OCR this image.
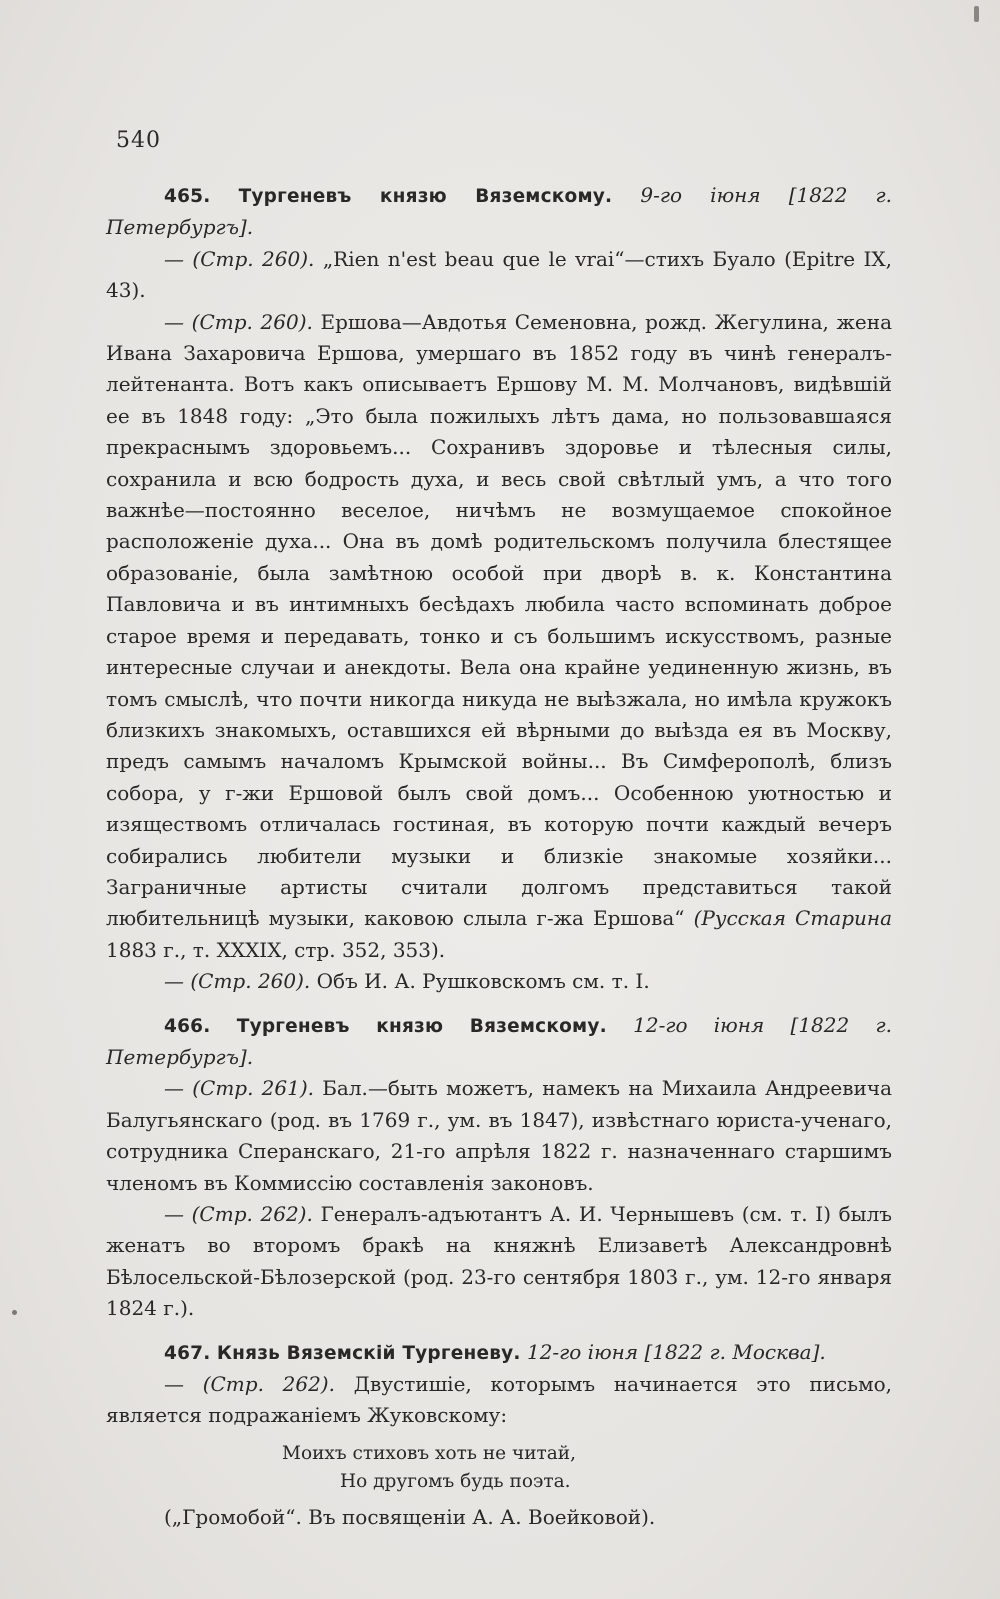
540

465. Тургеневъ князю Вяземскому. 9-го іюня [1822 г. Петербургъ].

— (Стр. 260). „Rien n'est beau que le vrai“—стихъ Буало (Epitre IX, 43).

— (Стр. 260). Ершова—Авдотья Семеновна, рожд. Жегулина, жена Ивана Захаровича Ершова, умершаго въ 1852 году въ чинѣ генералъ-лейтенанта. Вотъ какъ описываетъ Ершову М. М. Молчановъ, видѣвшій ее въ 1848 году: „Это была пожилыхъ лѣтъ дама, но пользовавшаяся прекраснымъ здоровьемъ... Сохранивъ здоровье и тѣлесныя силы, сохранила и всю бодрость духа, и весь свой свѣтлый умъ, а что того важнѣе—постоянно веселое, ничѣмъ не возмущаемое спокойное расположеніе духа... Она въ домѣ родительскомъ получила блестящее образованіе, была замѣтною особой при дворѣ в. к. Константина Павловича и въ интимныхъ бесѣдахъ любила часто вспоминать доброе старое время и передавать, тонко и съ большимъ искусствомъ, разные интересные случаи и анекдоты. Вела она крайне уединенную жизнь, въ томъ смыслѣ, что почти никогда никуда не выѣзжала, но имѣла кружокъ близкихъ знакомыхъ, оставшихся ей вѣрными до выѣзда ея въ Москву, предъ самымъ началомъ Крымской войны... Въ Симферополѣ, близъ собора, у г-жи Ершовой былъ свой домъ... Особенною уютностью и изяществомъ отличалась гостиная, въ которую почти каждый вечеръ собирались любители музыки и близкіе знакомые хозяйки... Заграничные артисты считали долгомъ представиться такой любительницѣ музыки, каковою слыла г-жа Ершова“ (Русская Старина 1883 г., т. XXXIX, стр. 352, 353).

— (Стр. 260). Объ И. А. Рушковскомъ см. т. I.

466. Тургеневъ князю Вяземскому. 12-го іюня [1822 г. Петербургъ].

— (Стр. 261). Бал.—быть можетъ, намекъ на Михаила Андреевича Балугьянскаго (род. въ 1769 г., ум. въ 1847), извѣстнаго юриста-ученаго, сотрудника Сперанскаго, 21-го апрѣля 1822 г. назначеннаго старшимъ членомъ въ Коммиссію составленія законовъ.

— (Стр. 262). Генералъ-адъютантъ А. И. Чернышевъ (см. т. I) былъ женатъ во второмъ бракѣ на княжнѣ Елизаветѣ Александровнѣ Бѣлосельской-Бѣлозерской (род. 23-го сентября 1803 г., ум. 12-го января 1824 г.).

467. Князь Вяземскій Тургеневу. 12-го іюня [1822 г. Москва].

— (Стр. 262). Двустишіе, которымъ начинается это письмо, является подражаніемъ Жуковскому:

Моихъ стиховъ хоть не читай,
Но другомъ будь поэта.

(„Громобой“. Въ посвященіи А. А. Воейковой).
